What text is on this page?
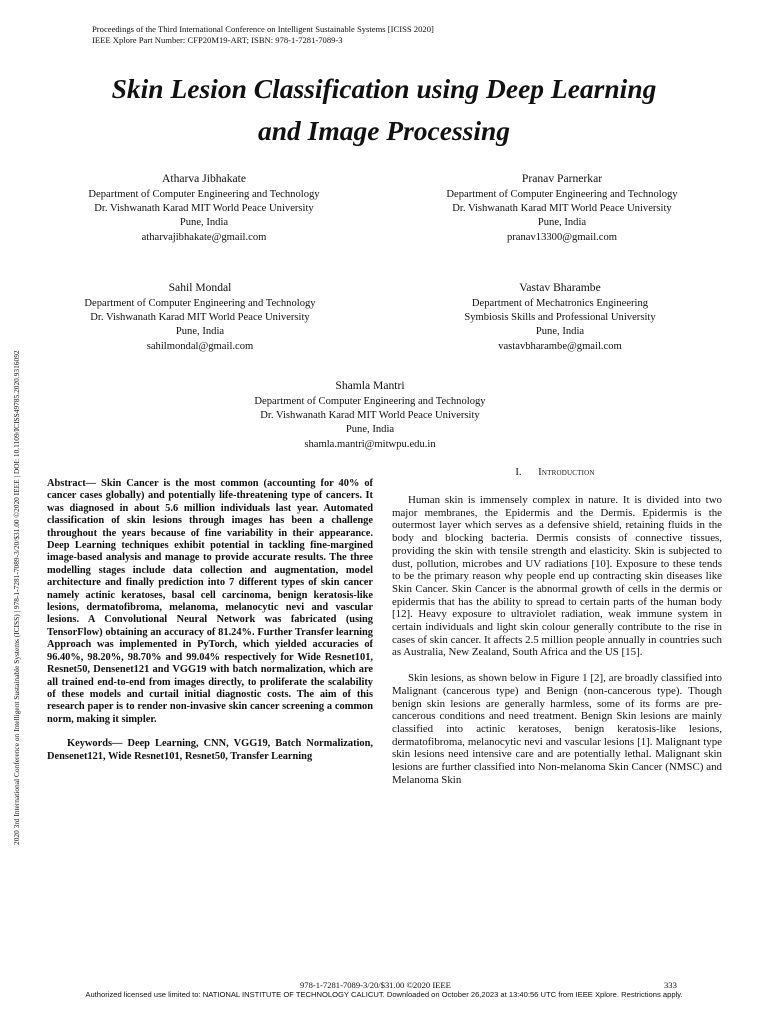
Proceedings of the Third International Conference on Intelligent Sustainable Systems [ICISS 2020]
IEEE Xplore Part Number: CFP20M19-ART; ISBN: 978-1-7281-7089-3
Skin Lesion Classification using Deep Learning
and Image Processing
Atharva Jibhakate
Department of Computer Engineering and Technology
Dr. Vishwanath Karad MIT World Peace University
Pune, India
atharvajibhakate@gmail.com
Pranav Parnerkar
Department of Computer Engineering and Technology
Dr. Vishwanath Karad MIT World Peace University
Pune, India
pranav13300@gmail.com
Sahil Mondal
Department of Computer Engineering and Technology
Dr. Vishwanath Karad MIT World Peace University
Pune, India
sahilmondal@gmail.com
Vastav Bharambe
Department of Mechatronics Engineering
Symbiosis Skills and Professional University
Pune, India
vastavbharambe@gmail.com
Shamla Mantri
Department of Computer Engineering and Technology
Dr. Vishwanath Karad MIT World Peace University
Pune, India
shamla.mantri@mitwpu.edu.in
2020 3rd International Conference on Intelligent Sustainable Systems (ICISS) | 978-1-7281-7089-3/20/$31.00 ©2020 IEEE | DOI: 10.1109/ICISS49785.2020.9316092	Abstract— Skin Cancer is the most common (accounting for 40% of cancer cases globally) and potentially life-threatening type of cancers. It was diagnosed in about 5.6 million individuals last year. Automated classification of skin lesions through images has been a challenge throughout the years because of fine variability in their appearance. Deep Learning techniques exhibit potential in tackling fine-margined image-based analysis and manage to provide accurate results. The three modelling stages include data collection and augmentation, model architecture and finally prediction into 7 different types of skin cancer namely actinic keratoses, basal cell carcinoma, benign keratosis-like lesions, dermatofibroma, melanoma, melanocytic nevi and vascular lesions. A Convolutional Neural Network was fabricated (using TensorFlow) obtaining an accuracy of 81.24%. Further Transfer learning Approach was implemented in PyTorch, which yielded accuracies of 96.40%, 98.20%, 98.70% and 99.04% respectively for Wide Resnet101, Resnet50, Densenet121 and VGG19 with batch normalization, which are all trained end-to-end from images directly, to proliferate the scalability of these models and curtail initial diagnostic costs. The aim of this research paper is to render non-invasive skin cancer screening a common norm, making it simpler.

Keywords— Deep Learning, CNN, VGG19, Batch Normalization, Densenet121, Wide Resnet101, Resnet50, Transfer Learning

I. Introduction

Human skin is immensely complex in nature. It is divided into two major membranes, the Epidermis and the Dermis. Epidermis is the outermost layer which serves as a defensive shield, retaining fluids in the body and blocking bacteria. Dermis consists of connective tissues, providing the skin with tensile strength and elasticity. Skin is subjected to dust, pollution, microbes and UV radiations [10]. Exposure to these tends to be the primary reason why people end up contracting skin diseases like Skin Cancer. Skin Cancer is the abnormal growth of cells in the dermis or epidermis that has the ability to spread to certain parts of the human body [12]. Heavy exposure to ultraviolet radiation, weak immune system in certain individuals and light skin colour generally contribute to the rise in cases of skin cancer. It affects 2.5 million people annually in countries such as Australia, New Zealand, South Africa and the US [15].

Skin lesions, as shown below in Figure 1 [2], are broadly classified into Malignant (cancerous type) and Benign (non-cancerous type). Though benign skin lesions are generally harmless, some of its forms are pre-cancerous conditions and need treatment. Benign Skin lesions are mainly classified into actinic keratoses, benign keratosis-like lesions, dermatofibroma, melanocytic nevi and vascular lesions [1]. Malignant type skin lesions need intensive care and are potentially lethal. Malignant skin lesions are further classified into Non-melanoma Skin Cancer (NMSC) and Melanoma Skin

978-1-7281-7089-3/20/$31.00 ©2020 IEEE	333
Authorized licensed use limited to: NATIONAL INSTITUTE OF TECHNOLOGY CALICUT. Downloaded on October 26,2023 at 13:40:56 UTC from IEEE Xplore. Restrictions apply.
